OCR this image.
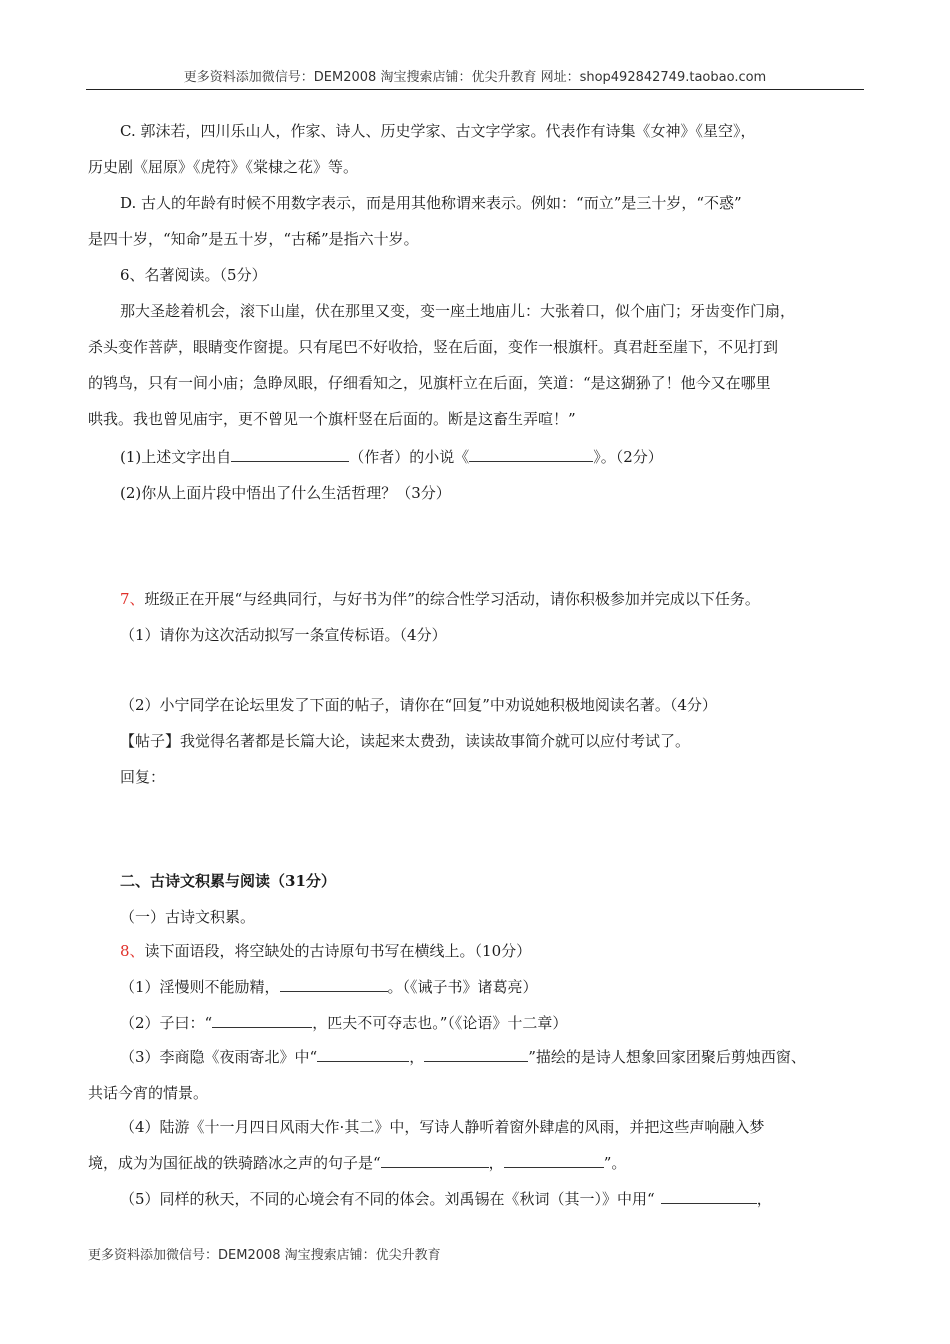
更多资料添加微信号：DEM2008 淘宝搜索店铺：优尖升教育 网址：shop492842749.taobao.com
C. 郭沫若，四川乐山人，作家、诗人、历史学家、古文字学家。代表作有诗集《女神》《星空》，
历史剧《屈原》《虎符》《棠棣之花》等。
D. 古人的年龄有时候不用数字表示，而是用其他称谓来表示。例如：“而立”是三十岁，“不惑”
是四十岁，“知命”是五十岁，“古稀”是指六十岁。
6、名著阅读。（5分）
那大圣趁着机会，滚下山崖，伏在那里又变，变一座土地庙儿：大张着口，似个庙门；牙齿变作门扇，
杀头变作菩萨，眼睛变作窗提。只有尾巴不好收拾，竖在后面，变作一根旗杆。真君赶至崖下，不见打到
的鸨鸟，只有一间小庙；急睁凤眼，仔细看知之，见旗杆立在后面，笑道：“是这猢狲了！他今又在哪里
哄我。我也曾见庙宇，更不曾见一个旗杆竖在后面的。断是这畜生弄喧！”
(1)上述文字出自	（作者）的小说《	》。（2分）
(2)你从上面片段中悟出了什么生活哲理？（3分）
7、班级正在开展“与经典同行，与好书为伴”的综合性学习活动，请你积极参加并完成以下任务。
（1）请你为这次活动拟写一条宣传标语。（4分）
（2）小宁同学在论坛里发了下面的帖子，请你在“回复”中劝说她积极地阅读名著。（4分）
【帖子】我觉得名著都是长篇大论，读起来太费劲，读读故事简介就可以应付考试了。
回复：
二、古诗文积累与阅读（31分）
（一）古诗文积累。
8、读下面语段，将空缺处的古诗原句书写在横线上。（10分）
（1）淫慢则不能励精，	。（《诫子书》诸葛亮）
（2）子曰：“	，匹夫不可夺志也。”（《论语》十二章）
（3）李商隐《夜雨寄北》中“	，	”描绘的是诗人想象回家团聚后剪烛西窗、
共话今宵的情景。
（4）陆游《十一月四日风雨大作·其二》中，写诗人静听着窗外肆虐的风雨，并把这些声响融入梦
境，成为为国征战的铁骑踏冰之声的句子是“	，	”。
（5）同样的秋天，不同的心境会有不同的体会。刘禹锡在《秋词（其一）》中用“	，
更多资料添加微信号：DEM2008 淘宝搜索店铺：优尖升教育
